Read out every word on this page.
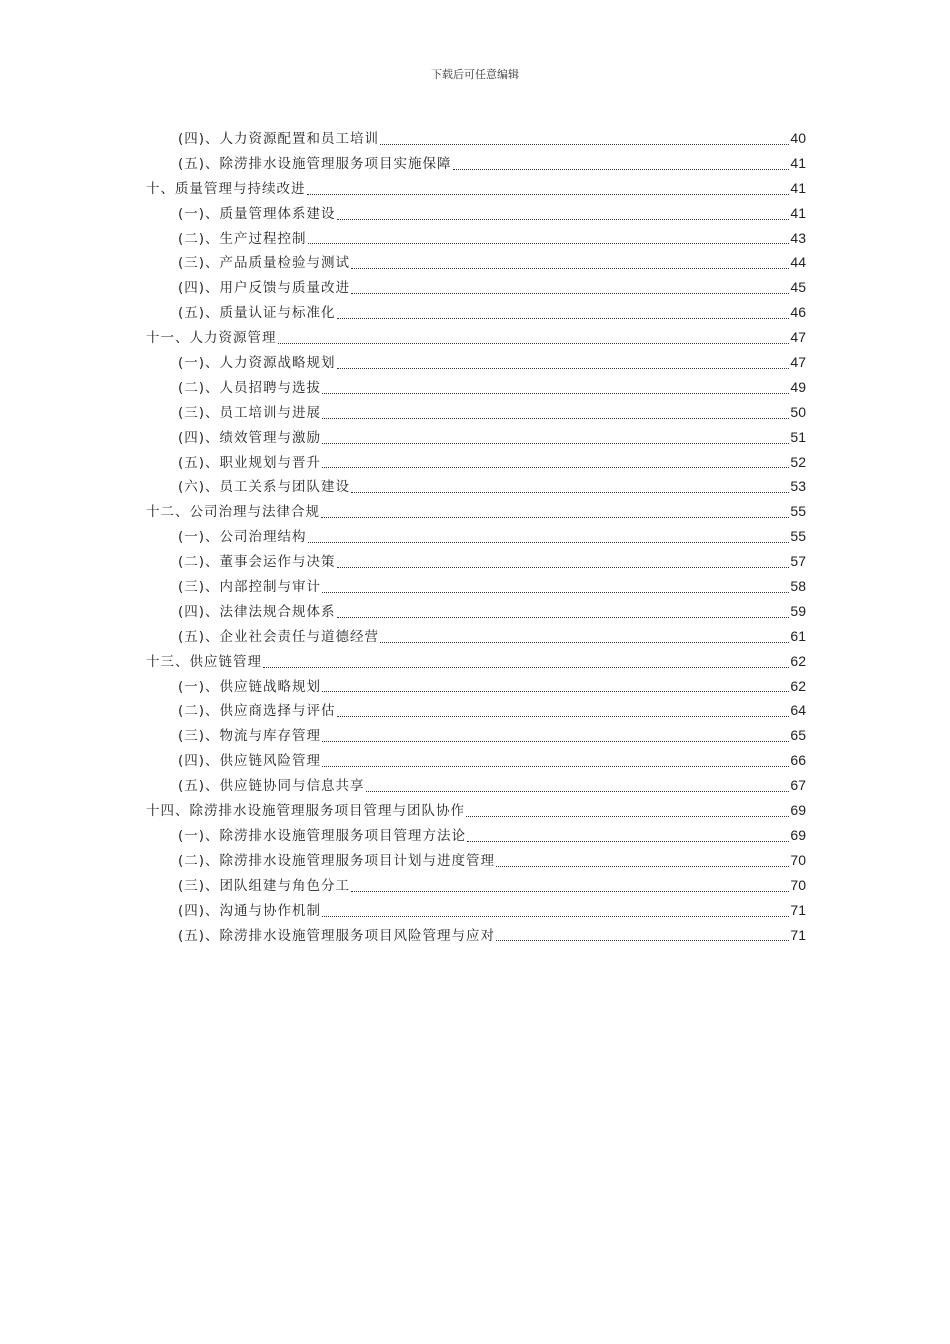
下载后可任意编辑
(四)、人力资源配置和员工培训	40
(五)、除涝排水设施管理服务项目实施保障	41
十、质量管理与持续改进	41
(一)、质量管理体系建设	41
(二)、生产过程控制	43
(三)、产品质量检验与测试	44
(四)、用户反馈与质量改进	45
(五)、质量认证与标准化	46
十一、人力资源管理	47
(一)、人力资源战略规划	47
(二)、人员招聘与选拔	49
(三)、员工培训与进展	50
(四)、绩效管理与激励	51
(五)、职业规划与晋升	52
(六)、员工关系与团队建设	53
十二、公司治理与法律合规	55
(一)、公司治理结构	55
(二)、董事会运作与决策	57
(三)、内部控制与审计	58
(四)、法律法规合规体系	59
(五)、企业社会责任与道德经营	61
十三、供应链管理	62
(一)、供应链战略规划	62
(二)、供应商选择与评估	64
(三)、物流与库存管理	65
(四)、供应链风险管理	66
(五)、供应链协同与信息共享	67
十四、除涝排水设施管理服务项目管理与团队协作	69
(一)、除涝排水设施管理服务项目管理方法论	69
(二)、除涝排水设施管理服务项目计划与进度管理	70
(三)、团队组建与角色分工	70
(四)、沟通与协作机制	71
(五)、除涝排水设施管理服务项目风险管理与应对	71
